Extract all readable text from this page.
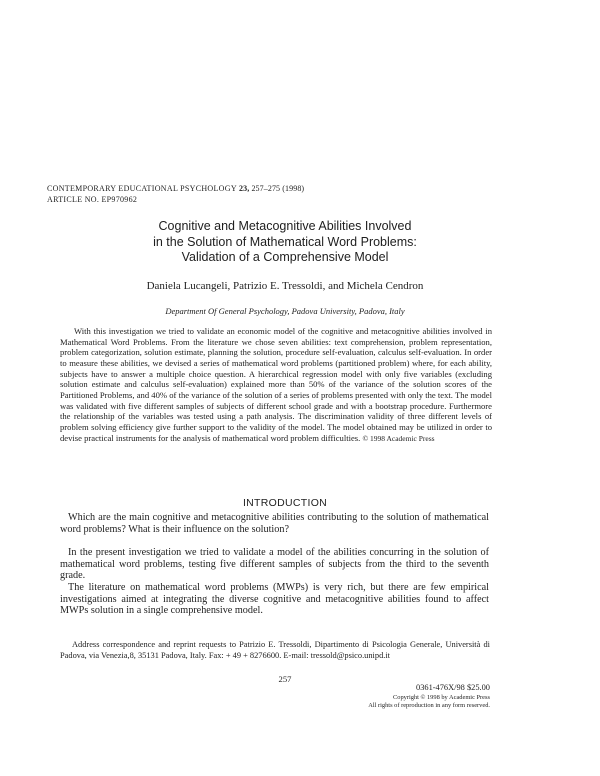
CONTEMPORARY EDUCATIONAL PSYCHOLOGY 23, 257–275 (1998)
ARTICLE NO. EP970962
Cognitive and Metacognitive Abilities Involved
in the Solution of Mathematical Word Problems:
Validation of a Comprehensive Model
Daniela Lucangeli, Patrizio E. Tressoldi, and Michela Cendron
Department Of General Psychology, Padova University, Padova, Italy
With this investigation we tried to validate an economic model of the cognitive and metacognitive abilities involved in Mathematical Word Problems. From the literature we chose seven abilities: text comprehension, problem representation, problem categorization, solution estimate, planning the solution, procedure self-evaluation, calculus self-evaluation. In order to measure these abilities, we devised a series of mathematical word problems (partitioned problem) where, for each ability, subjects have to answer a multiple choice question. A hierarchical regression model with only five variables (excluding solution estimate and calculus self-evaluation) explained more than 50% of the variance of the solution scores of the Partitioned Problems, and 40% of the variance of the solution of a series of problems presented with only the text. The model was validated with five different samples of subjects of different school grade and with a bootstrap procedure. Furthermore the relationship of the variables was tested using a path analysis. The discrimination validity of three different levels of problem solving efficiency give further support to the validity of the model. The model obtained may be utilized in order to devise practical instruments for the analysis of mathematical word problem difficulties. © 1998 Academic Press
INTRODUCTION

Which are the main cognitive and metacognitive abilities contributing to the solution of mathematical word problems? What is their influence on the solution?

In the present investigation we tried to validate a model of the abilities concurring in the solution of mathematical word problems, testing five different samples of subjects from the third to the seventh grade.

The literature on mathematical word problems (MWPs) is very rich, but there are few empirical investigations aimed at integrating the diverse cognitive and metacognitive abilities found to affect MWPs solution in a single comprehensive model.

Address correspondence and reprint requests to Patrizio E. Tressoldi, Dipartimento di Psicologia Generale, Università di Padova, via Venezia,8, 35131 Padova, Italy. Fax: + 49 + 8276600. E-mail: tressold@psico.unipd.it
257
0361-476X/98 $25.00
Copyright © 1998 by Academic Press
All rights of reproduction in any form reserved.
